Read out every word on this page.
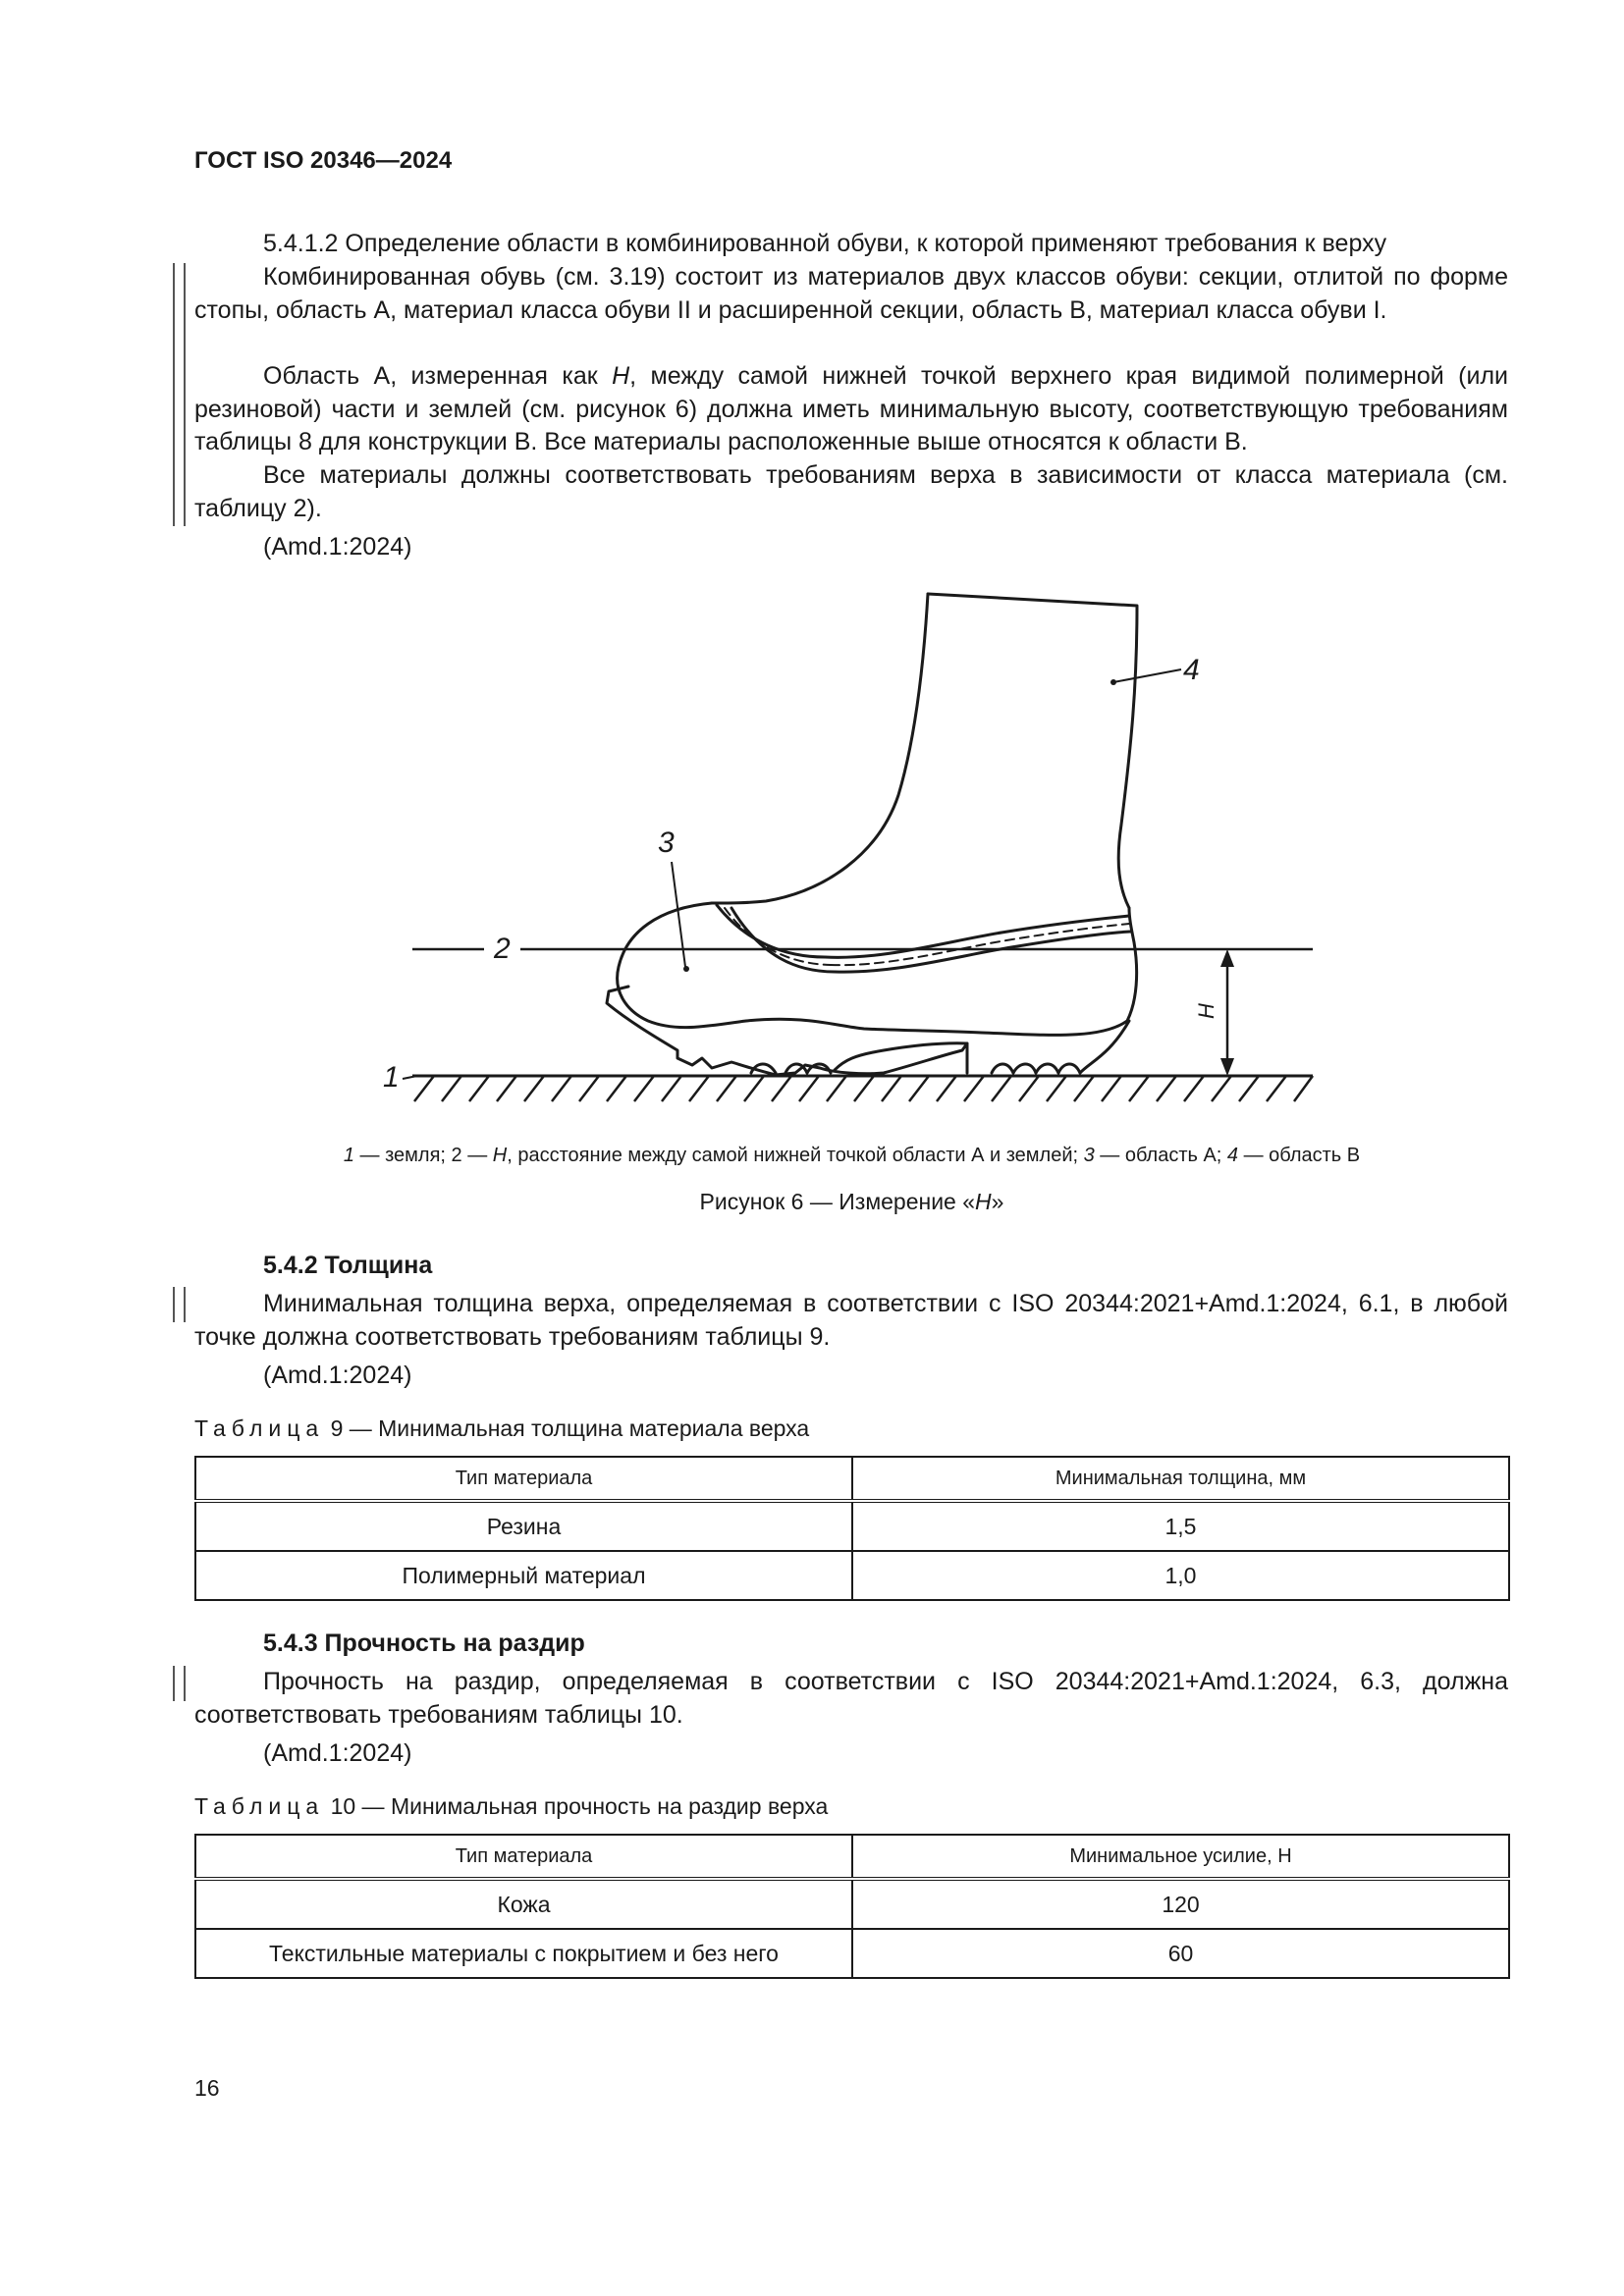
ГОСТ ISO 20346—2024

5.4.1.2 Определение области в комбинированной обуви, к которой применяют требования к верху

Комбинированная обувь (см. 3.19) состоит из материалов двух классов обуви: секции, отлитой по форме стопы, область А, материал класса обуви II и расширенной секции, область В, материал класса обуви I.

Область А, измеренная как H, между самой нижней точкой верхнего края видимой полимерной (или резиновой) части и землей (см. рисунок 6) должна иметь минимальную высоту, соответствующую требованиям таблицы 8 для конструкции В. Все материалы расположенные выше относятся к области В.

Все материалы должны соответствовать требованиям верха в зависимости от класса материала (см. таблицу 2).

(Amd.1:2024)

H
1
2
3
4
1 — земля; 2 — H, расстояние между самой нижней точкой области А и землей; 3 — область А; 4 — область В
Рисунок 6 — Измерение «H»

5.4.2 Толщина

Минимальная толщина верха, определяемая в соответствии с ISO 20344:2021+Amd.1:2024, 6.1, в любой точке должна соответствовать требованиям таблицы 9.

(Amd.1:2024)

Таблица 9 — Минимальная толщина материала верха
Тип материала	Минимальная толщина, мм
Резина	1,5
Полимерный материал	1,0

5.4.3 Прочность на раздир

Прочность на раздир, определяемая в соответствии с ISO 20344:2021+Amd.1:2024, 6.3, должна соответствовать требованиям таблицы 10.

(Amd.1:2024)

Таблица 10 — Минимальная прочность на раздир верха
Тип материала	Минимальное усилие, Н
Кожа	120
Текстильные материалы с покрытием и без него	60
16
